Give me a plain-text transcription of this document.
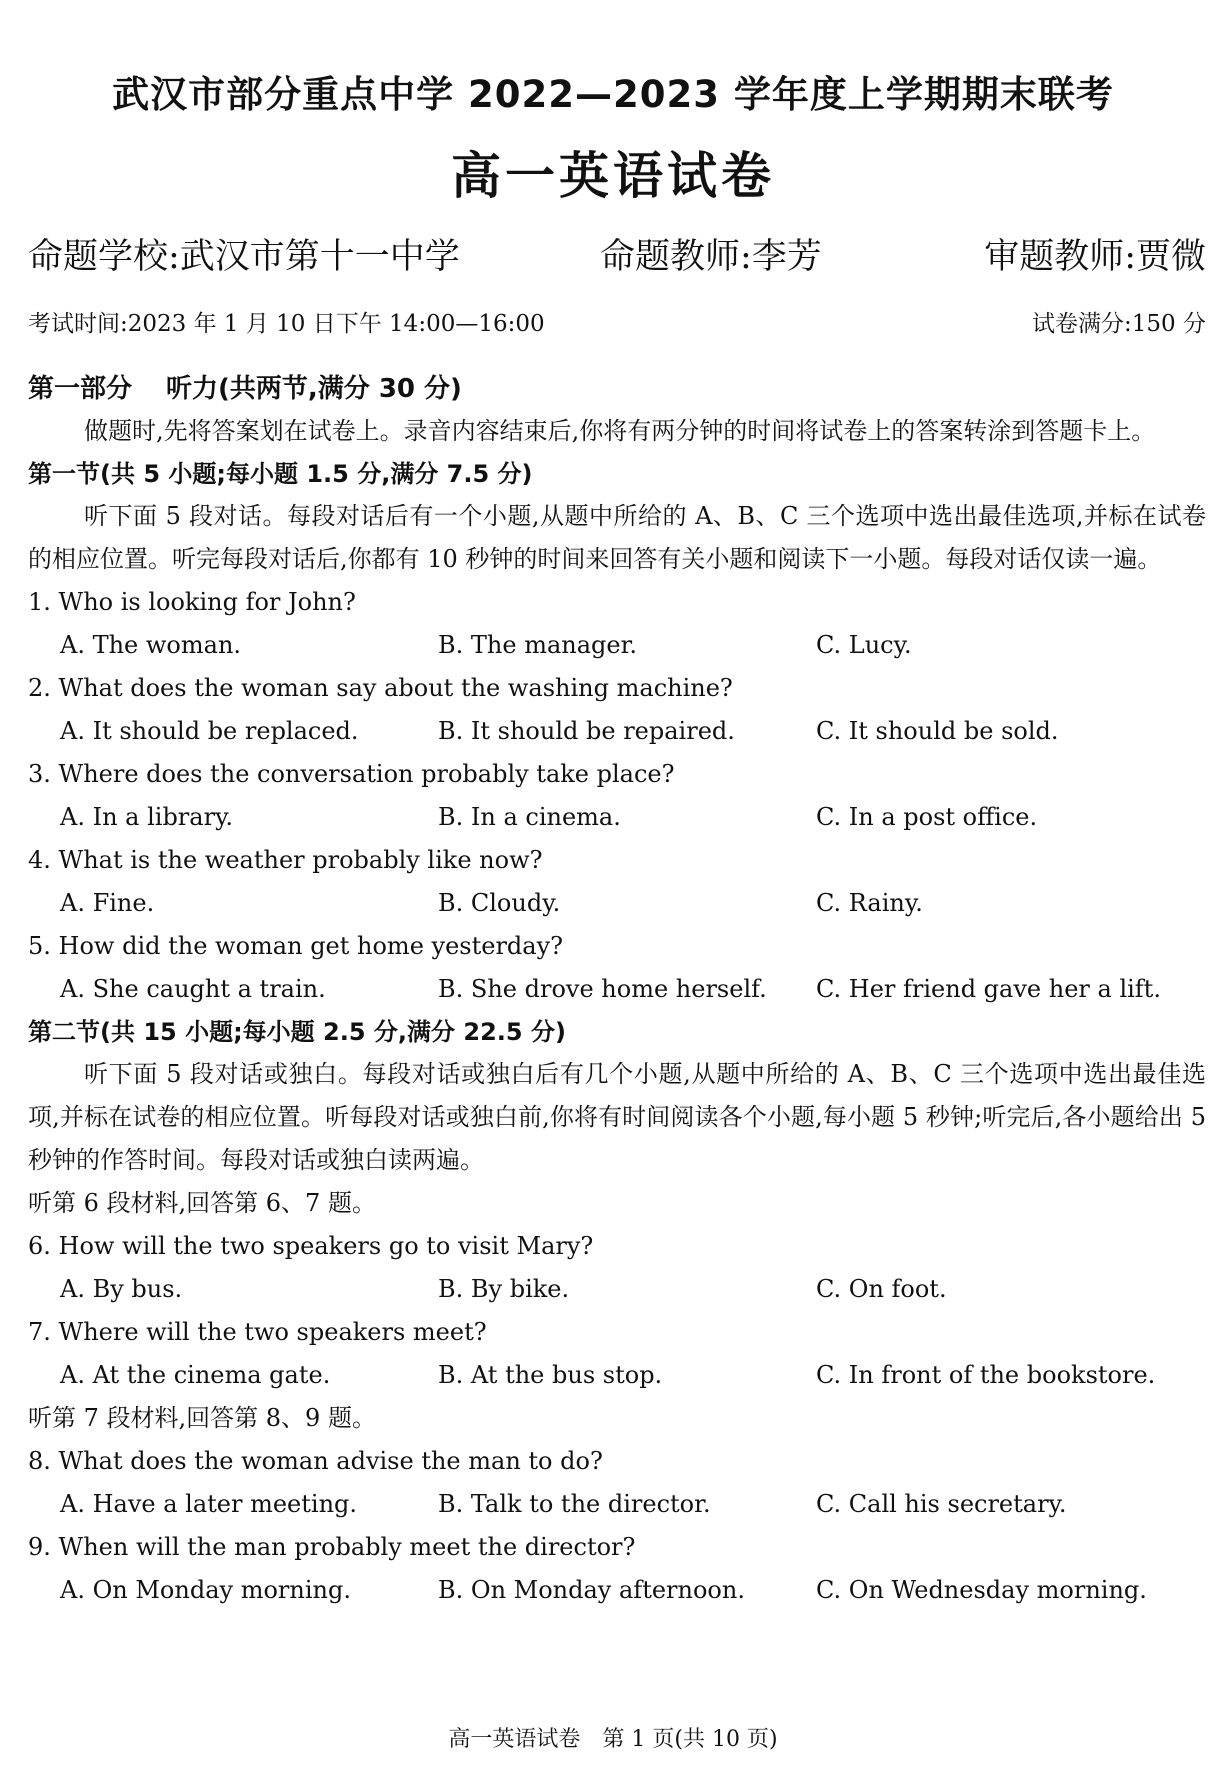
武汉市部分重点中学 2022—2023 学年度上学期期末联考
高一英语试卷
命题学校:武汉市第十一中学	命题教师:李芳	审题教师:贾微
考试时间:2023 年 1 月 10 日下午 14:00—16:00	试卷满分:150 分
第一部分 听力(共两节,满分 30 分)

做题时,先将答案划在试卷上。录音内容结束后,你将有两分钟的时间将试卷上的答案转涂到答题卡上。

第一节(共 5 小题;每小题 1.5 分,满分 7.5 分)

听下面 5 段对话。每段对话后有一个小题,从题中所给的 A、B、C 三个选项中选出最佳选项,并标在试卷的相应位置。听完每段对话后,你都有 10 秒钟的时间来回答有关小题和阅读下一小题。每段对话仅读一遍。

1. Who is looking for John?
A. The woman.	B. The manager.	C. Lucy.
2. What does the woman say about the washing machine?
A. It should be replaced.	B. It should be repaired.	C. It should be sold.
3. Where does the conversation probably take place?
A. In a library.	B. In a cinema.	C. In a post office.
4. What is the weather probably like now?
A. Fine.	B. Cloudy.	C. Rainy.
5. How did the woman get home yesterday?
A. She caught a train.	B. She drove home herself. C. Her friend gave her a lift.
第二节(共 15 小题;每小题 2.5 分,满分 22.5 分)

听下面 5 段对话或独白。每段对话或独白后有几个小题,从题中所给的 A、B、C 三个选项中选出最佳选项,并标在试卷的相应位置。听每段对话或独白前,你将有时间阅读各个小题,每小题 5 秒钟;听完后,各小题给出 5 秒钟的作答时间。每段对话或独白读两遍。

听第 6 段材料,回答第 6、7 题。
6. How will the two speakers go to visit Mary?
A. By bus.	B. By bike.	C. On foot.
7. Where will the two speakers meet?
A. At the cinema gate.	B. At the bus stop.	C. In front of the bookstore.
听第 7 段材料,回答第 8、9 题。
8. What does the woman advise the man to do?
A. Have a later meeting.	B. Talk to the director.	C. Call his secretary.
9. When will the man probably meet the director?
A. On Monday morning.	B. On Monday afternoon.	C. On Wednesday morning.
高一英语试卷　第 1 页(共 10 页)
